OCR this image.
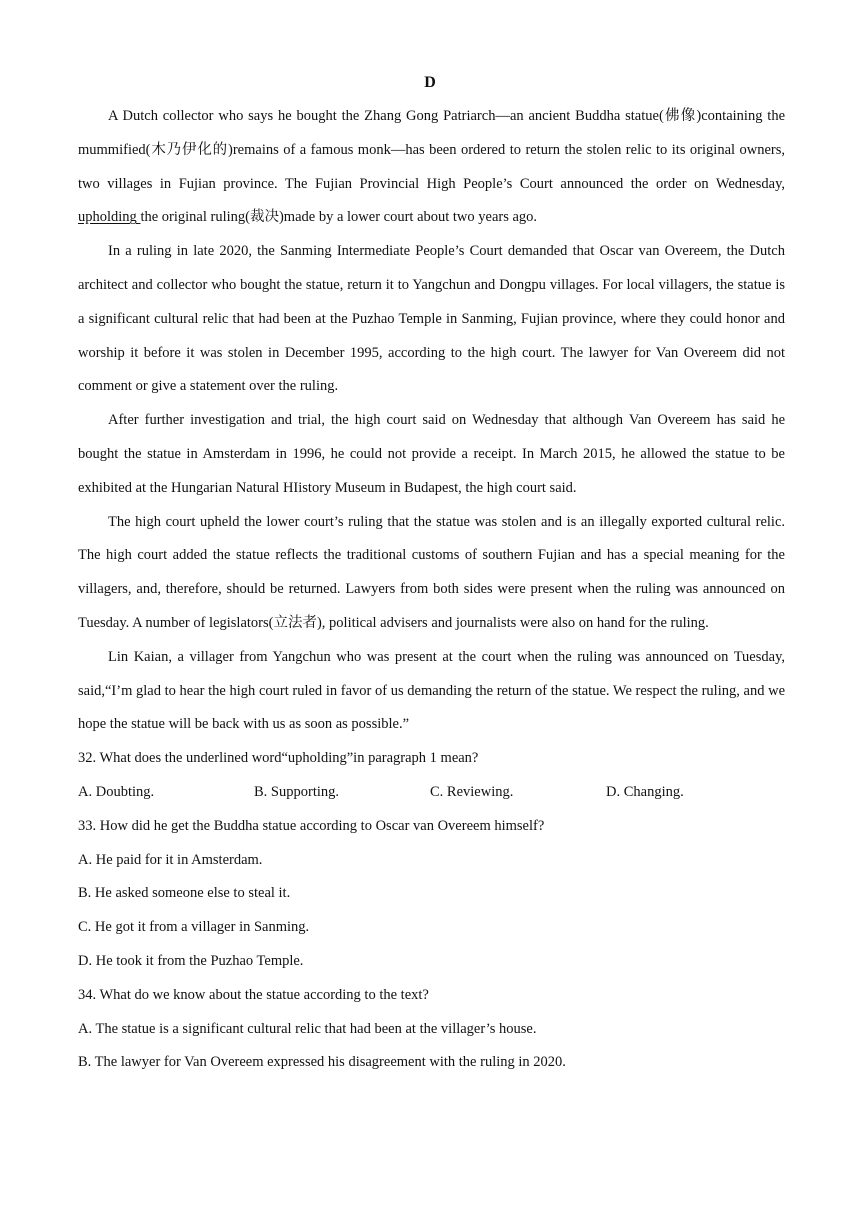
D

A Dutch collector who says he bought the Zhang Gong Patriarch—an ancient Buddha statue(佛像)containing the mummified(木乃伊化的)remains of a famous monk—has been ordered to return the stolen relic to its original owners, two villages in Fujian province. The Fujian Provincial High People’s Court announced the order on Wednesday, upholding the original ruling(裁决)made by a lower court about two years ago.

In a ruling in late 2020, the Sanming Intermediate People’s Court demanded that Oscar van Overeem, the Dutch architect and collector who bought the statue, return it to Yangchun and Dongpu villages. For local villagers, the statue is a significant cultural relic that had been at the Puzhao Temple in Sanming, Fujian province, where they could honor and worship it before it was stolen in December 1995, according to the high court. The lawyer for Van Overeem did not comment or give a statement over the ruling.

After further investigation and trial, the high court said on Wednesday that although Van Overeem has said he bought the statue in Amsterdam in 1996, he could not provide a receipt. In March 2015, he allowed the statue to be exhibited at the Hungarian Natural HIistory Museum in Budapest, the high court said.

The high court upheld the lower court’s ruling that the statue was stolen and is an illegally exported cultural relic. The high court added the statue reflects the traditional customs of southern Fujian and has a special meaning for the villagers, and, therefore, should be returned. Lawyers from both sides were present when the ruling was announced on Tuesday. A number of legislators(立法者), political advisers and journalists were also on hand for the ruling.

Lin Kaian, a villager from Yangchun who was present at the court when the ruling was announced on Tuesday, said,“I’m glad to hear the high court ruled in favor of us demanding the return of the statue. We respect the ruling, and we hope the statue will be back with us as soon as possible.”

32. What does the underlined word“upholding”in paragraph 1 mean?

A. Doubting.	B. Supporting.	C. Reviewing.	D. Changing.

33. How did he get the Buddha statue according to Oscar van Overeem himself?

A. He paid for it in Amsterdam.

B. He asked someone else to steal it.

C. He got it from a villager in Sanming.

D. He took it from the Puzhao Temple.

34. What do we know about the statue according to the text?

A. The statue is a significant cultural relic that had been at the villager’s house.

B. The lawyer for Van Overeem expressed his disagreement with the ruling in 2020.
